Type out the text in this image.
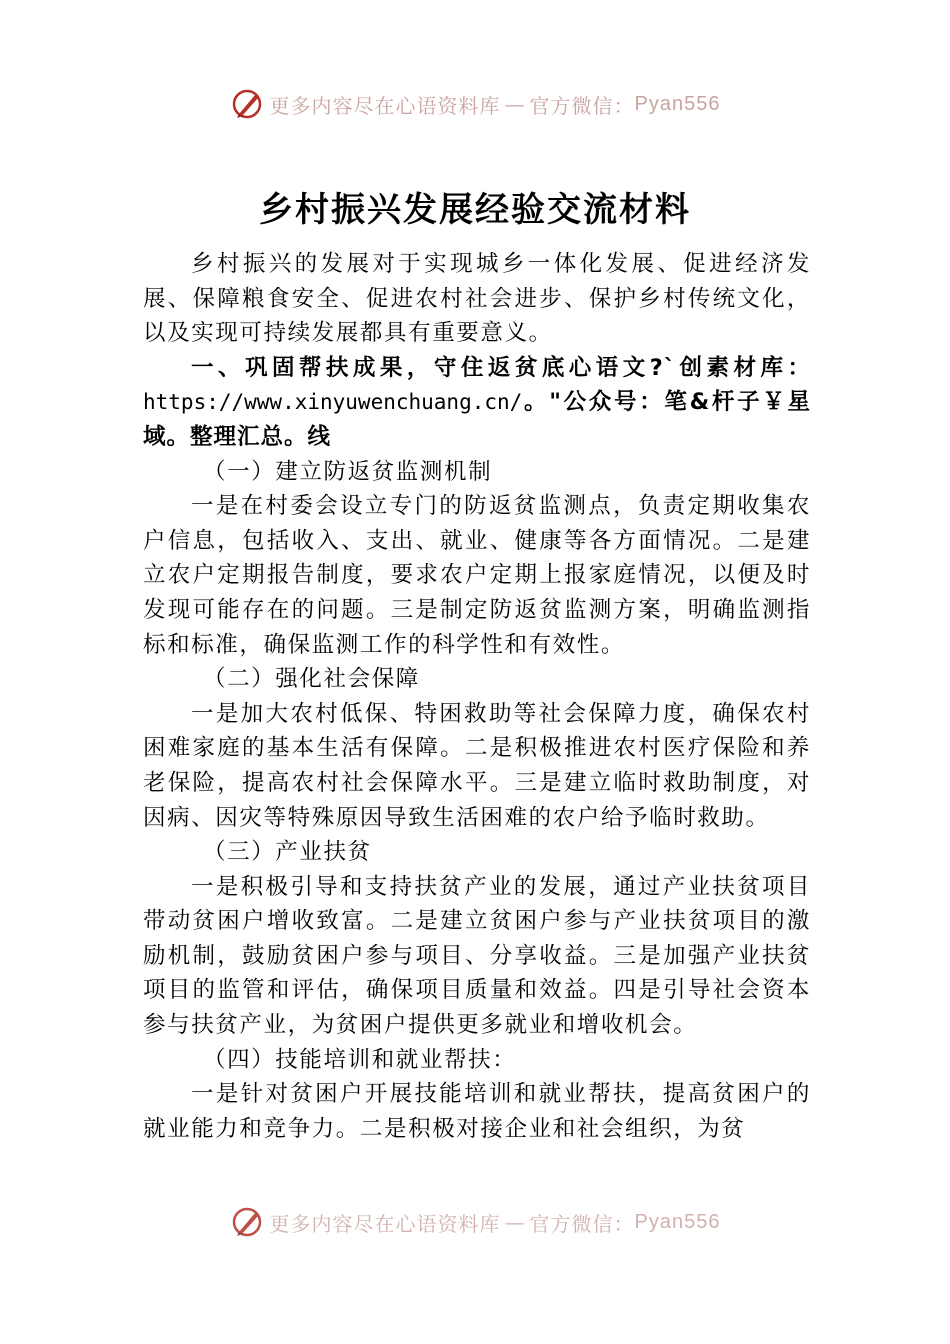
更多内容尽在心语资料库 — 官方微信： Pyan556
乡村振兴发展经验交流材料

乡村振兴的发展对于实现城乡一体化发展、促进经济发展、保障粮食安全、促进农村社会进步、保护乡村传统文化，以及实现可持续发展都具有重要意义。

一、巩固帮扶成果，守住返贫底心语文?`创素材库：https://www.xinyuwenchuang.cn/。"公众号：笔&杆子￥星域。整理汇总。线

（一）建立防返贫监测机制

一是在村委会设立专门的防返贫监测点，负责定期收集农户信息，包括收入、支出、就业、健康等各方面情况。二是建立农户定期报告制度，要求农户定期上报家庭情况，以便及时发现可能存在的问题。三是制定防返贫监测方案，明确监测指标和标准，确保监测工作的科学性和有效性。

（二）强化社会保障

一是加大农村低保、特困救助等社会保障力度，确保农村困难家庭的基本生活有保障。二是积极推进农村医疗保险和养老保险，提高农村社会保障水平。三是建立临时救助制度，对因病、因灾等特殊原因导致生活困难的农户给予临时救助。

（三）产业扶贫

一是积极引导和支持扶贫产业的发展，通过产业扶贫项目带动贫困户增收致富。二是建立贫困户参与产业扶贫项目的激励机制，鼓励贫困户参与项目、分享收益。三是加强产业扶贫项目的监管和评估，确保项目质量和效益。四是引导社会资本参与扶贫产业，为贫困户提供更多就业和增收机会。

（四）技能培训和就业帮扶：

一是针对贫困户开展技能培训和就业帮扶，提高贫困户的就业能力和竞争力。二是积极对接企业和社会组织，为贫

更多内容尽在心语资料库 — 官方微信： Pyan556
